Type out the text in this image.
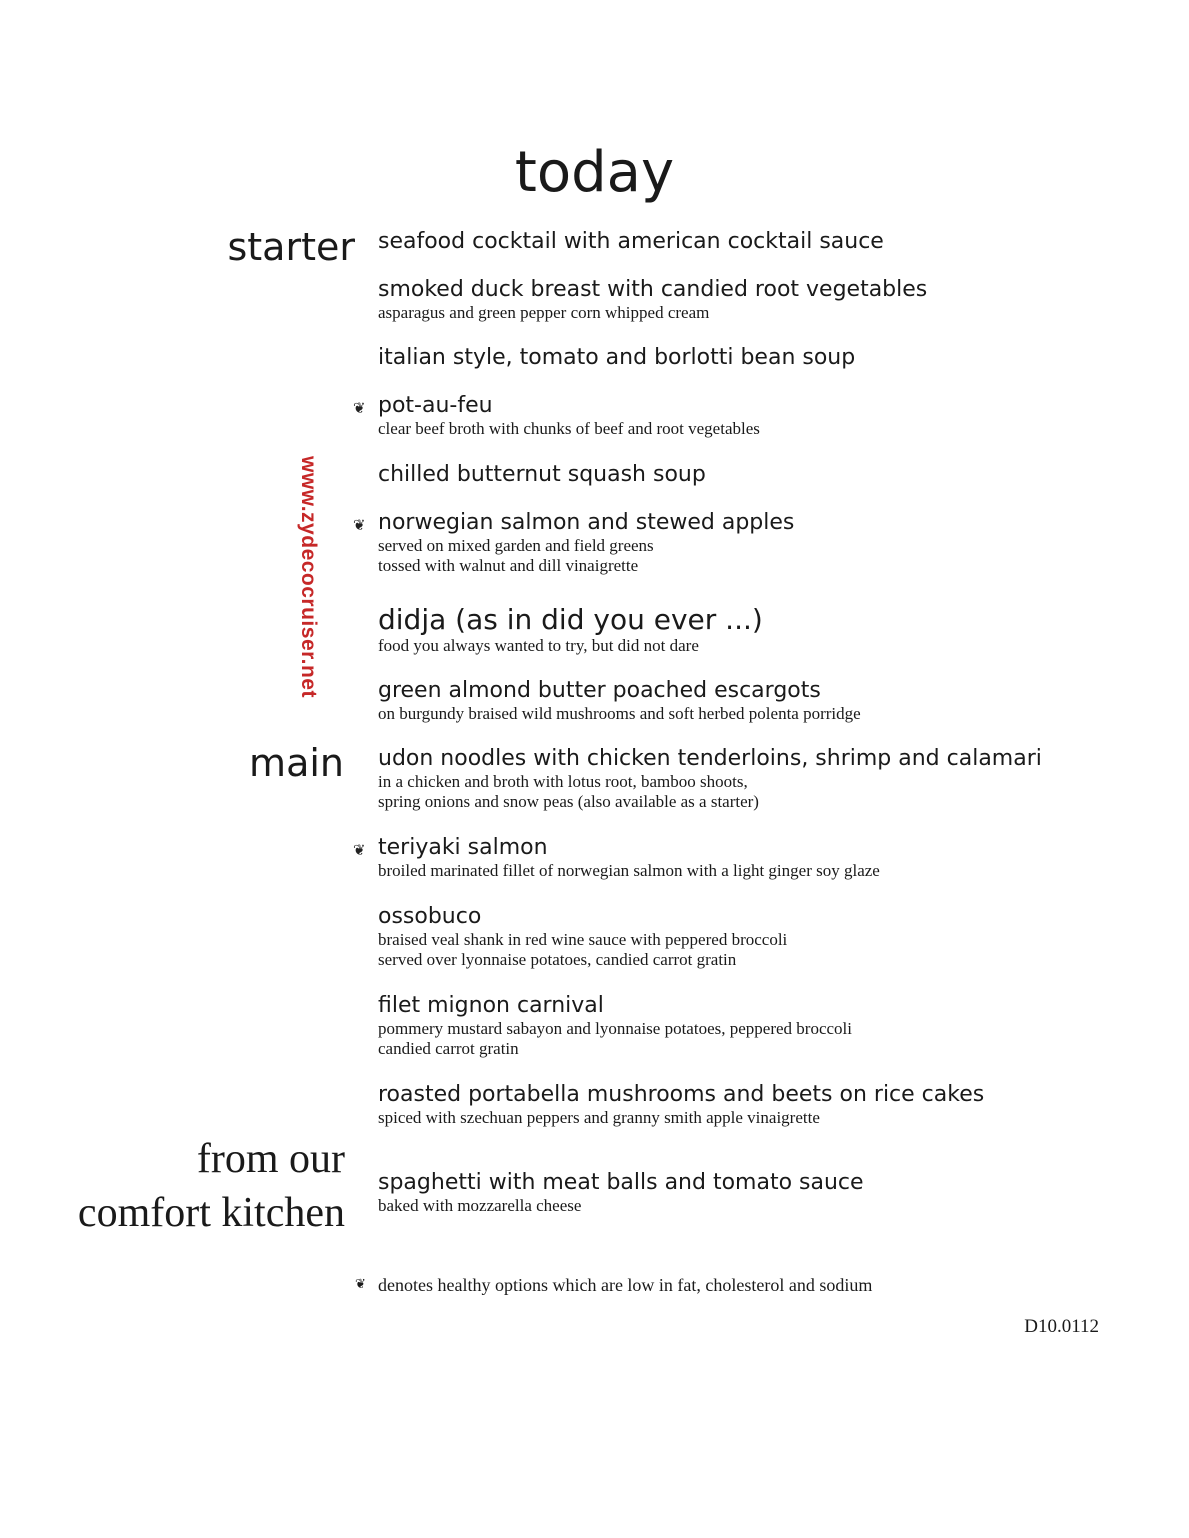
today
starter
main
from our
comfort kitchen
www.zydecocruiser.net
seafood cocktail with american cocktail sauce
smoked duck breast with candied root vegetables
asparagus and green pepper corn whipped cream
italian style, tomato and borlotti bean soup
❦ pot-au-feu
clear beef broth with chunks of beef and root vegetables
chilled butternut squash soup
❦ norwegian salmon and stewed apples
served on mixed garden and field greens
tossed with walnut and dill vinaigrette
didja (as in did you ever ...)
food you always wanted to try, but did not dare
green almond butter poached escargots
on burgundy braised wild mushrooms and soft herbed polenta porridge
udon noodles with chicken tenderloins, shrimp and calamari
in a chicken and broth with lotus root, bamboo shoots,
spring onions and snow peas (also available as a starter)
❦ teriyaki salmon
broiled marinated fillet of norwegian salmon with a light ginger soy glaze
ossobuco
braised veal shank in red wine sauce with peppered broccoli
served over lyonnaise potatoes, candied carrot gratin
filet mignon carnival
pommery mustard sabayon and lyonnaise potatoes, peppered broccoli
candied carrot gratin
roasted portabella mushrooms and beets on rice cakes
spiced with szechuan peppers and granny smith apple vinaigrette
spaghetti with meat balls and tomato sauce
baked with mozzarella cheese
❦ denotes healthy options which are low in fat, cholesterol and sodium
D10.0112
